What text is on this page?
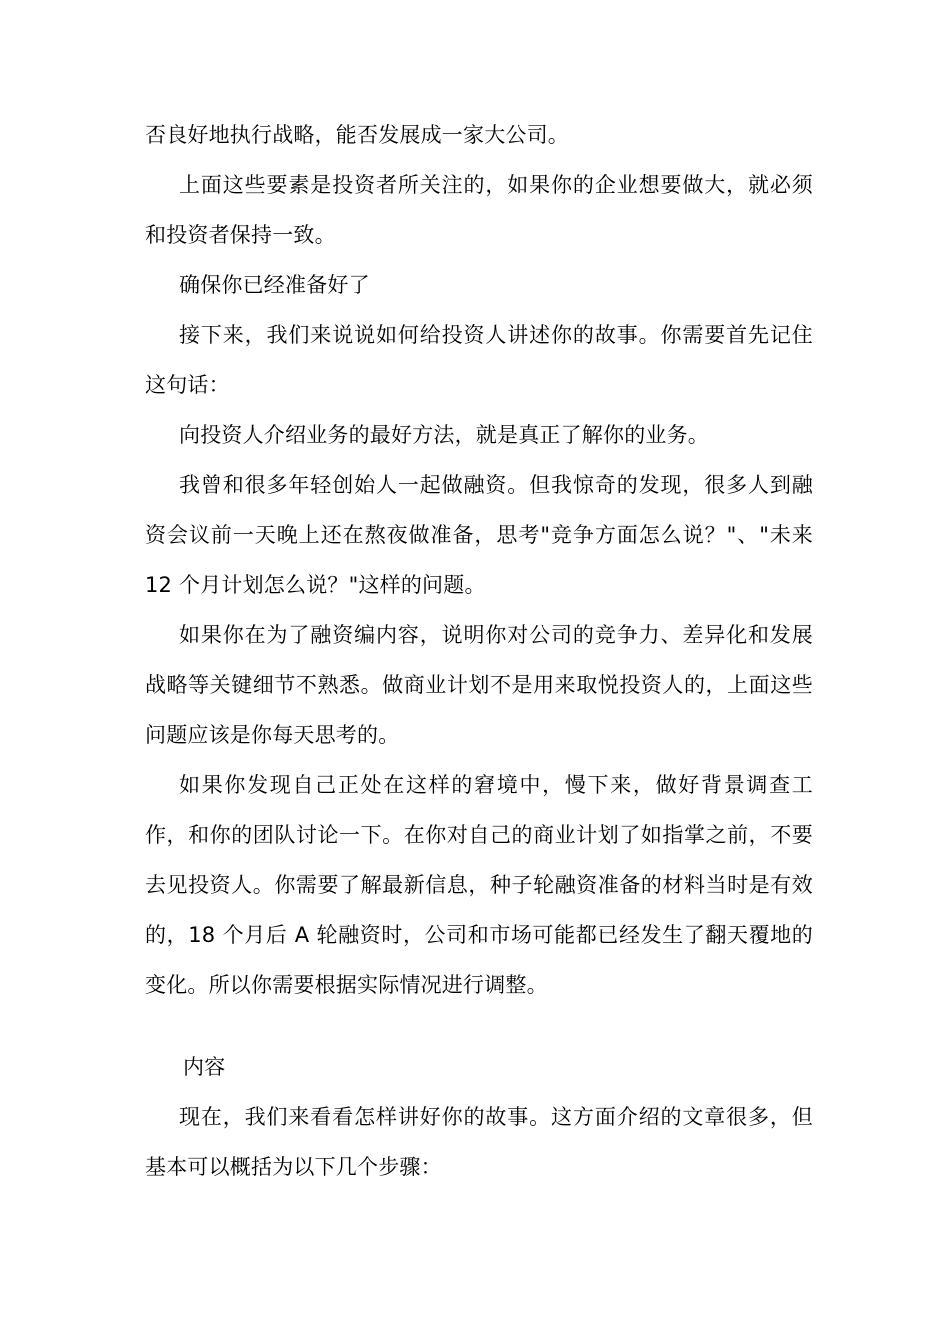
否良好地执行战略，能否发展成一家大公司。

上面这些要素是投资者所关注的，如果你的企业想要做大，就必须和投资者保持一致。

确保你已经准备好了

接下来，我们来说说如何给投资人讲述你的故事。你需要首先记住这句话：

向投资人介绍业务的最好方法，就是真正了解你的业务。

我曾和很多年轻创始人一起做融资。但我惊奇的发现，很多人到融资会议前一天晚上还在熬夜做准备，思考"竞争方面怎么说？"、"未来 12 个月计划怎么说？"这样的问题。

如果你在为了融资编内容，说明你对公司的竞争力、差异化和发展战略等关键细节不熟悉。做商业计划不是用来取悦投资人的，上面这些问题应该是你每天思考的。

如果你发现自己正处在这样的窘境中，慢下来，做好背景调查工作，和你的团队讨论一下。在你对自己的商业计划了如指掌之前，不要去见投资人。你需要了解最新信息，种子轮融资准备的材料当时是有效的，18 个月后 A 轮融资时，公司和市场可能都已经发生了翻天覆地的变化。所以你需要根据实际情况进行调整。

内容

现在，我们来看看怎样讲好你的故事。这方面介绍的文章很多，但基本可以概括为以下几个步骤：
